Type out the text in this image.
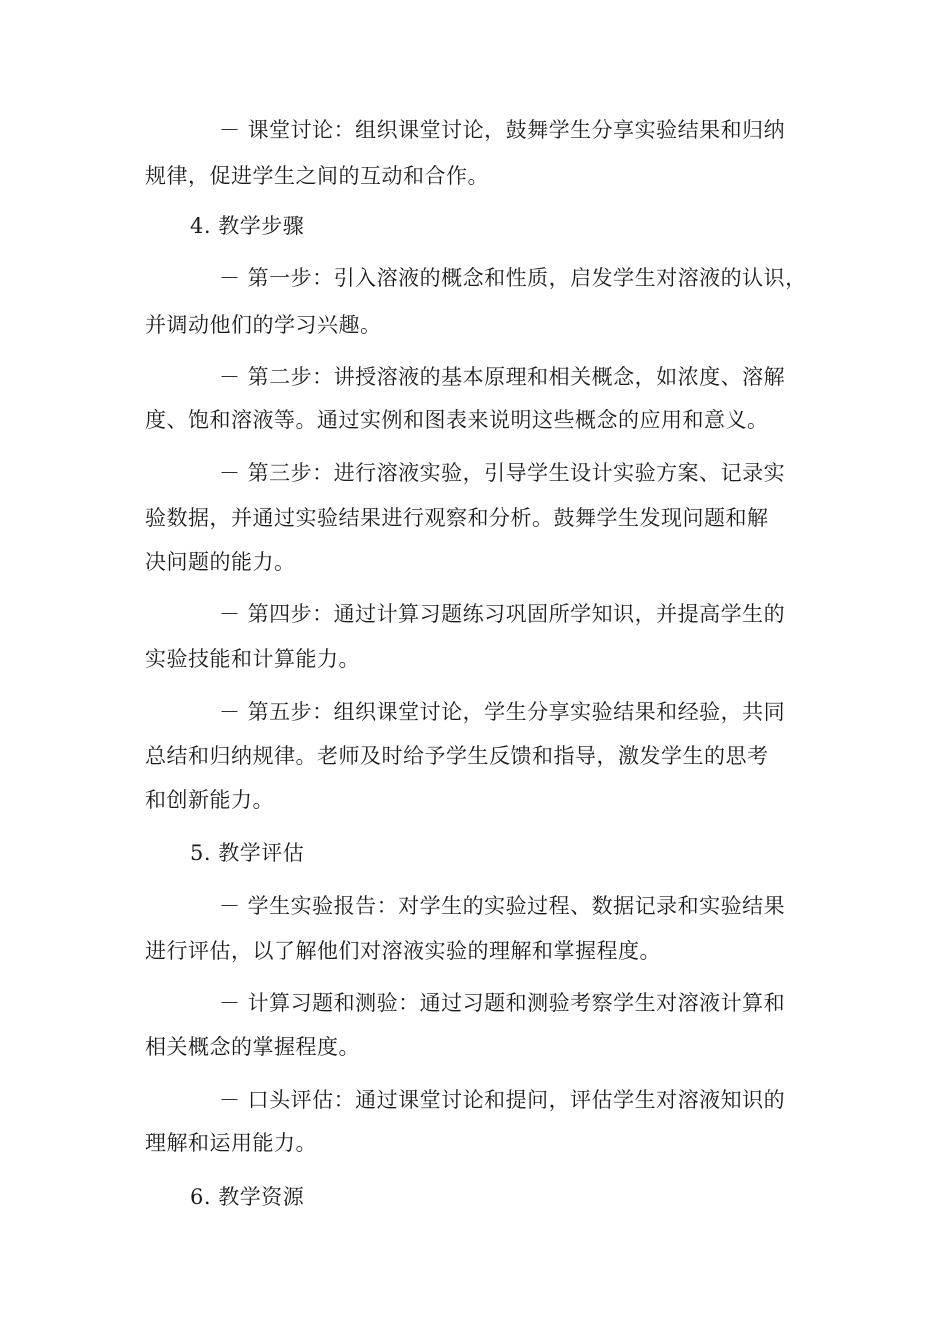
－ 课堂讨论：组织课堂讨论，鼓舞学生分享实验结果和归纳
规律，促进学生之间的互动和合作。
4. 教学步骤
－ 第一步：引入溶液的概念和性质，启发学生对溶液的认识，
并调动他们的学习兴趣。
－ 第二步：讲授溶液的基本原理和相关概念，如浓度、溶解
度、饱和溶液等。通过实例和图表来说明这些概念的应用和意义。
－ 第三步：进行溶液实验，引导学生设计实验方案、记录实
验数据，并通过实验结果进行观察和分析。鼓舞学生发现问题和解
决问题的能力。
－ 第四步：通过计算习题练习巩固所学知识，并提高学生的
实验技能和计算能力。
－ 第五步：组织课堂讨论，学生分享实验结果和经验，共同
总结和归纳规律。老师及时给予学生反馈和指导，激发学生的思考
和创新能力。
5. 教学评估
－ 学生实验报告：对学生的实验过程、数据记录和实验结果
进行评估，以了解他们对溶液实验的理解和掌握程度。
－ 计算习题和测验：通过习题和测验考察学生对溶液计算和
相关概念的掌握程度。
－ 口头评估：通过课堂讨论和提问，评估学生对溶液知识的
理解和运用能力。
6. 教学资源
